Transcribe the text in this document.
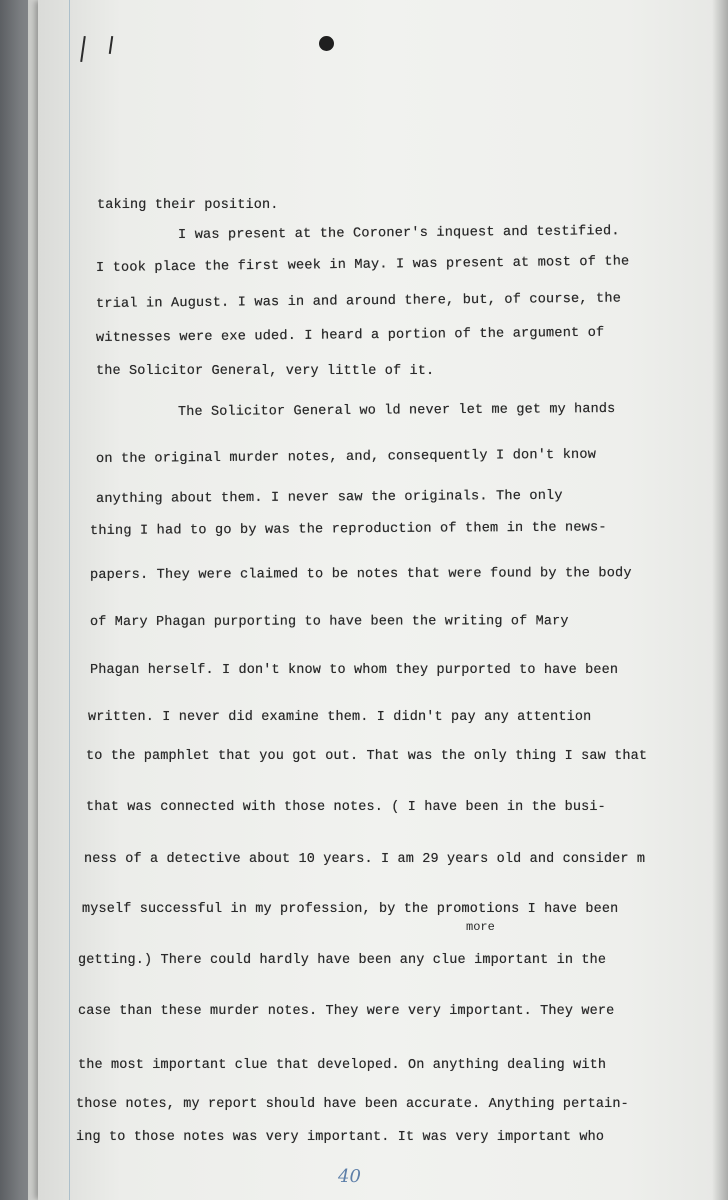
taking their position.

I was present at the Coroner's inquest and testified.

I took place the first week in May. I was present at most of the

trial in August. I was in and around there, but, of course, the

witnesses were exe uded. I heard a portion of the argument of

the Solicitor General, very little of it.

The Solicitor General wo ld never let me get my hands

on the original murder notes, and, consequently I don't know

anything about them. I never saw the originals. The only

thing I had to go by was the reproduction of them in the news-

papers. They were claimed to be notes that were found by the body

of Mary Phagan purporting to have been the writing of Mary

Phagan herself. I don't know to whom they purported to have been

written. I never did examine them. I didn't pay any attention

to the pamphlet that you got out. That was the only thing I saw that

that was connected with those notes. ( I have been in the busi-

ness of a detective about 10 years. I am 29 years old and consider m

myself successful in my profession, by the promotions I have been

more

getting.) There could hardly have been any clue important in the

case than these murder notes. They were very important. They were

the most important clue that developed. On anything dealing with

those notes, my report should have been accurate. Anything pertain-

ing to those notes was very important. It was very important who

40
